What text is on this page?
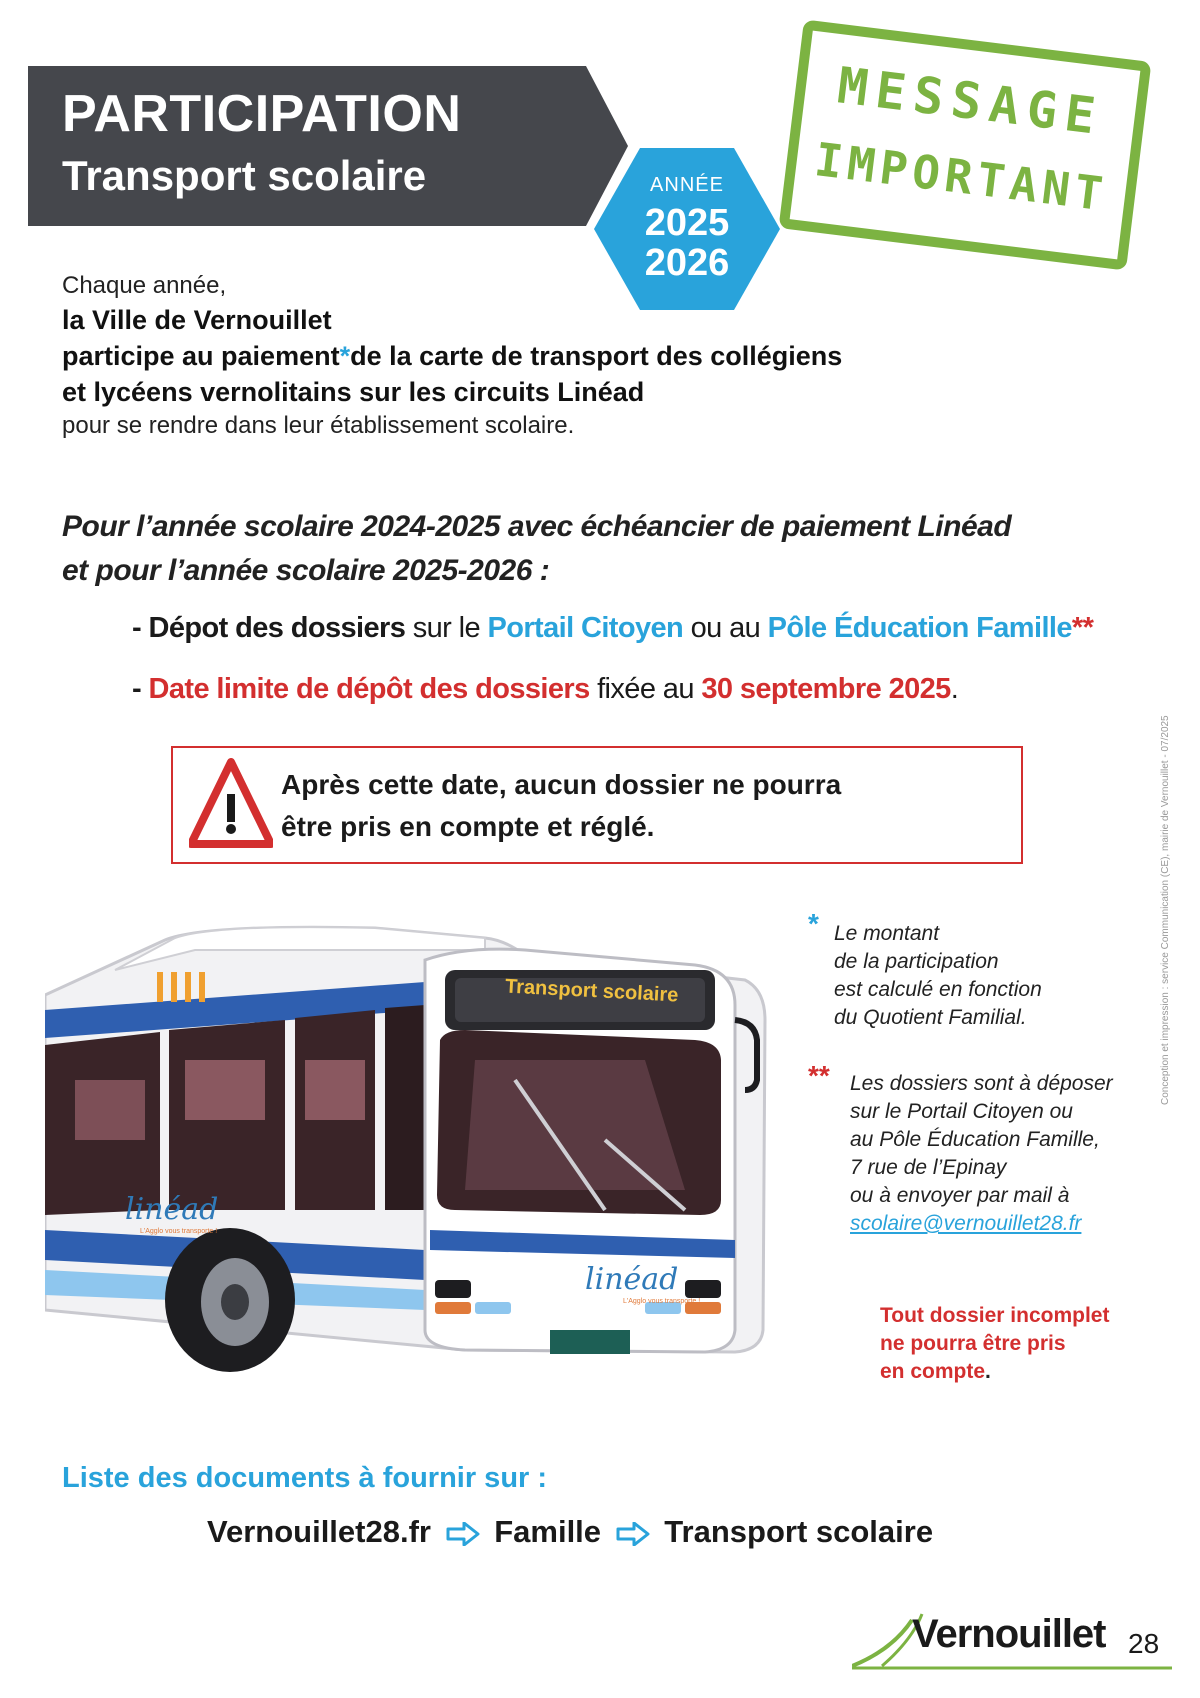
PARTICIPATION
Transport scolaire	ANNÉE
2025
2026
MESSAGE
IMPORTANT
Chaque année,
la Ville de Vernouillet
participe au paiement*de la carte de transport des collégiens
et lycéens vernolitains sur les circuits Linéad
pour se rendre dans leur établissement scolaire.
Pour l’année scolaire 2024-2025 avec échéancier de paiement Linéad
et pour l’année scolaire 2025-2026 :
- Dépot des dossiers sur le Portail Citoyen ou au Pôle Éducation Famille**
- Date limite de dépôt des dossiers fixée au 30 septembre 2025.
Après cette date, aucun dossier ne pourra
être pris en compte et réglé.
Transport scolaire
linéad
L'Agglo vous transporte !
linéad
L'Agglo vous transporte !
* Le montant
de la participation
est calculé en fonction
du Quotient Familial.
** Les dossiers sont à déposer
sur le Portail Citoyen ou
au Pôle Éducation Famille,
7 rue de l’Epinay
ou à envoyer par mail à
scolaire@vernouillet28.fr
Tout dossier incomplet
ne pourra être pris
en compte.
Conception et impression : service Communication (CE), mairie de Vernouillet - 07/2025
Liste des documents à fournir sur :
Vernouillet28.fr Famille Transport scolaire
Vernouillet 28
